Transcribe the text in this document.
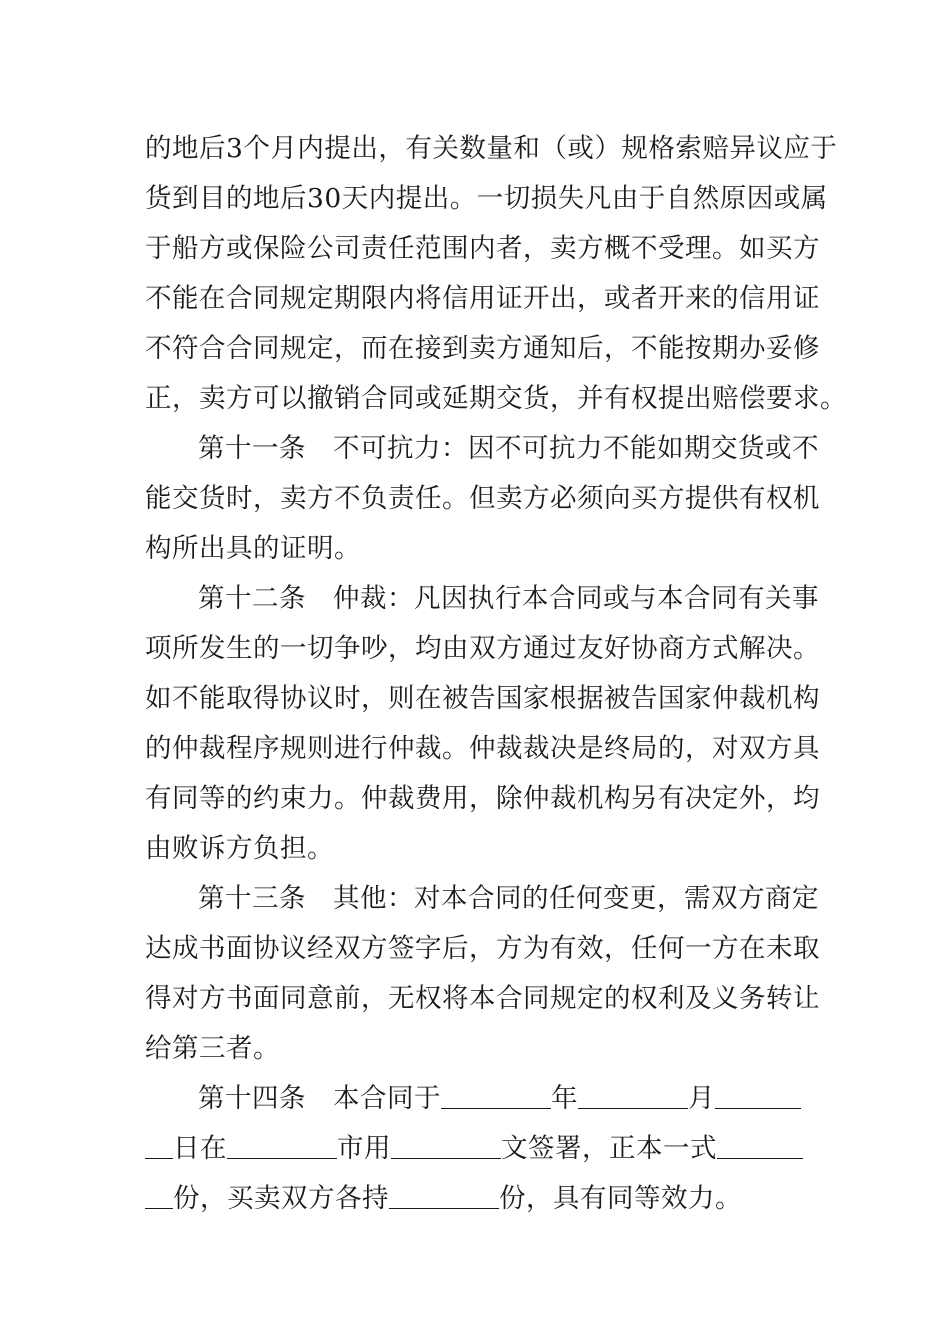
的地后3个月内提出，有关数量和（或）规格索赔异议应于
货到目的地后30天内提出。一切损失凡由于自然原因或属
于船方或保险公司责任范围内者，卖方概不受理。如买方
不能在合同规定期限内将信用证开出，或者开来的信用证
不符合合同规定，而在接到卖方通知后，不能按期办妥修
正，卖方可以撤销合同或延期交货，并有权提出赔偿要求。
第十一条　不可抗力：因不可抗力不能如期交货或不
能交货时，卖方不负责任。但卖方必须向买方提供有权机
构所出具的证明。
第十二条　仲裁：凡因执行本合同或与本合同有关事
项所发生的一切争吵，均由双方通过友好协商方式解决。
如不能取得协议时，则在被告国家根据被告国家仲裁机构
的仲裁程序规则进行仲裁。仲裁裁决是终局的，对双方具
有同等的约束力。仲裁费用，除仲裁机构另有决定外，均
由败诉方负担。
第十三条　其他：对本合同的任何变更，需双方商定
达成书面协议经双方签字后，方为有效，任何一方在未取
得对方书面同意前，无权将本合同规定的权利及义务转让
给第三者。
第十四条　本合同于	年	月
日在	市用	文签署，正本一式
份，买卖双方各持	份，具有同等效力。
